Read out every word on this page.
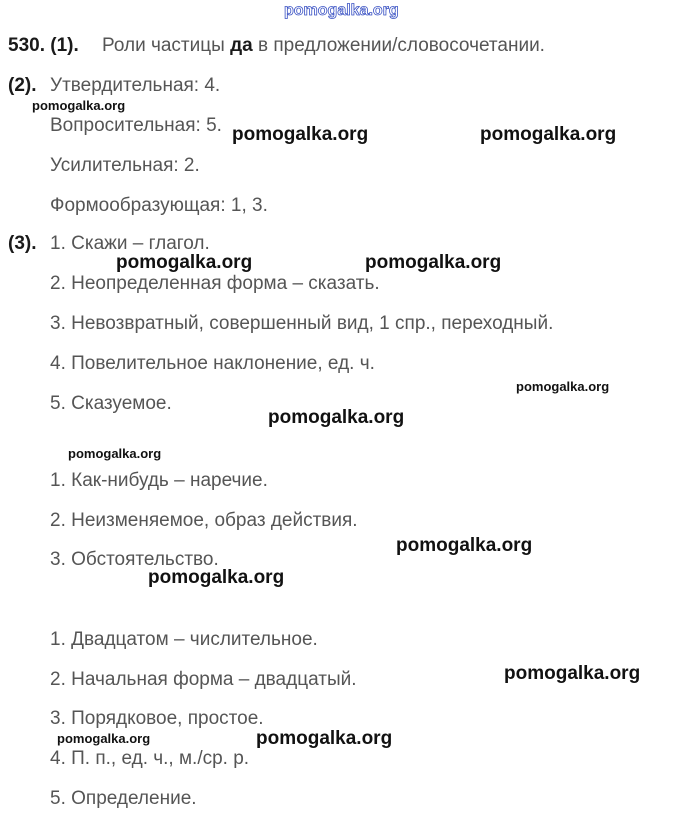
pomogalka.org
530. (1). Роли частицы да в предложении/словосочетании.
(2). Утвердительная: 4.
Вопросительная: 5.
Усилительная: 2.
Формообразующая: 1, 3.
(3). 1. Скажи – глагол.
2. Неопределенная форма – сказать.
3. Невозвратный, совершенный вид, 1 спр., переходный.
4. Повелительное наклонение, ед. ч.
5. Сказуемое.
1. Как-нибудь – наречие.
2. Неизменяемое, образ действия.
3. Обстоятельство.
1. Двадцатом – числительное.
2. Начальная форма – двадцатый.
3. Порядковое, простое.
4. П. п., ед. ч., м./ср. р.
5. Определение.
pomogalka.org
pomogalka.org	pomogalka.org
pomogalka.org	pomogalka.org
pomogalka.org
pomogalka.org
pomogalka.org
pomogalka.org
pomogalka.org
pomogalka.org
pomogalka.org	pomogalka.org
